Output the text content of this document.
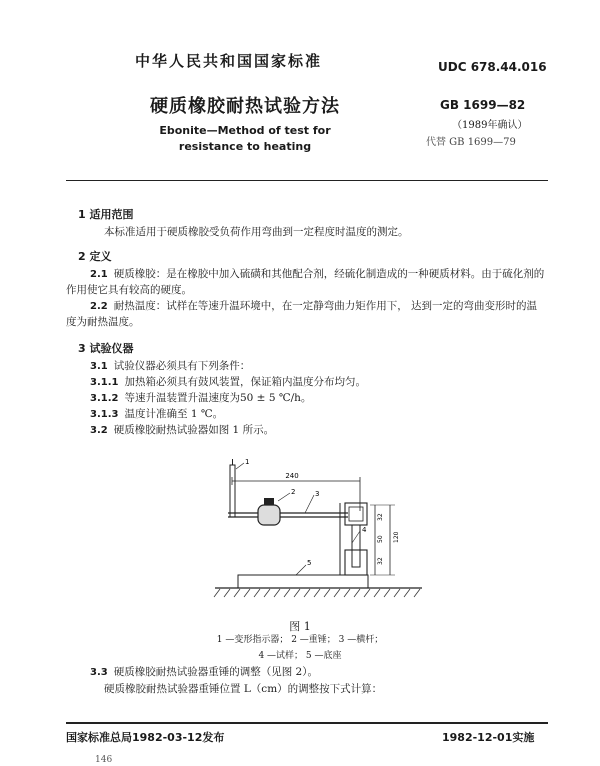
中华人民共和国国家标准	UDC 678.44.016
硬质橡胶耐热试验方法	GB 1699—82
（1989年确认）
代替 GB 1699—79
Ebonite—Method of test for
resistance to heating
1 适用范围
本标准适用于硬质橡胶受负荷作用弯曲到一定程度时温度的测定。
2 定义
2.1 硬质橡胶：是在橡胶中加入硫磺和其他配合剂，经硫化制造成的一种硬质材料。由于硫化剂的
作用使它具有较高的硬度。
2.2 耐热温度：试样在等速升温环境中，在一定静弯曲力矩作用下， 达到一定的弯曲变形时的温
度为耐热温度。
3 试验仪器
3.1 试验仪器必须具有下列条件：
3.1.1 加热箱必须具有鼓风装置，保证箱内温度分布均匀。
3.1.2 等速升温装置升温速度为50 ± 5 ℃/h。
3.1.3 温度计准确至 1 ℃。
3.2 硬质橡胶耐热试验器如图 1 所示。
240
32
50
32
120
1
2	3
4
5
图 1
1 —变形指示器； 2 —重锤； 3 —横杆；
4 —试样； 5 —底座
3.3 硬质橡胶耐热试验器重锤的调整（见图 2）。
硬质橡胶耐热试验器重锤位置 L（cm）的调整按下式计算：
国家标准总局1982-03-12发布	1982-12-01实施
146
